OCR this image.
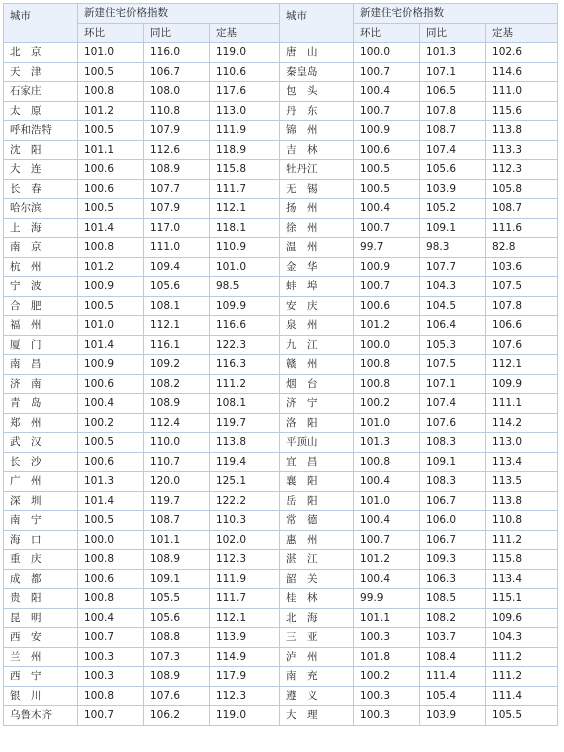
城市	新建住宅价格指数			城市	新建住宅价格指数		
	环比	同比	定基		环比	同比	定基
北　京	101.0	116.0	119.0	唐　山	100.0	101.3	102.6
天　津	100.5	106.7	110.6	秦皇岛	100.7	107.1	114.6
石家庄	100.8	108.0	117.6	包　头	100.4	106.5	111.0
太　原	101.2	110.8	113.0	丹　东	100.7	107.8	115.6
呼和浩特	100.5	107.9	111.9	锦　州	100.9	108.7	113.8
沈　阳	101.1	112.6	118.9	吉　林	100.6	107.4	113.3
大　连	100.6	108.9	115.8	牡丹江	100.5	105.6	112.3
长　春	100.6	107.7	111.7	无　锡	100.5	103.9	105.8
哈尔滨	100.5	107.9	112.1	扬　州	100.4	105.2	108.7
上　海	101.4	117.0	118.1	徐　州	100.7	109.1	111.6
南　京	100.8	111.0	110.9	温　州	99.7	98.3	82.8
杭　州	101.2	109.4	101.0	金　华	100.9	107.7	103.6
宁　波	100.9	105.6	98.5	蚌　埠	100.7	104.3	107.5
合　肥	100.5	108.1	109.9	安　庆	100.6	104.5	107.8
福　州	101.0	112.1	116.6	泉　州	101.2	106.4	106.6
厦　门	101.4	116.1	122.3	九　江	100.0	105.3	107.6
南　昌	100.9	109.2	116.3	赣　州	100.8	107.5	112.1
济　南	100.6	108.2	111.2	烟　台	100.8	107.1	109.9
青　岛	100.4	108.9	108.1	济　宁	100.2	107.4	111.1
郑　州	100.2	112.4	119.7	洛　阳	101.0	107.6	114.2
武　汉	100.5	110.0	113.8	平顶山	101.3	108.3	113.0
长　沙	100.6	110.7	119.4	宜　昌	100.8	109.1	113.4
广　州	101.3	120.0	125.1	襄　阳	100.4	108.3	113.5
深　圳	101.4	119.7	122.2	岳　阳	101.0	106.7	113.8
南　宁	100.5	108.7	110.3	常　德	100.4	106.0	110.8
海　口	100.0	101.1	102.0	惠　州	100.7	106.7	111.2
重　庆	100.8	108.9	112.3	湛　江	101.2	109.3	115.8
成　都	100.6	109.1	111.9	韶　关	100.4	106.3	113.4
贵　阳	100.8	105.5	111.7	桂　林	99.9	108.5	115.1
昆　明	100.4	105.6	112.1	北　海	101.1	108.2	109.6
西　安	100.7	108.8	113.9	三　亚	100.3	103.7	104.3
兰　州	100.3	107.3	114.9	泸　州	101.8	108.4	111.2
西　宁	100.3	108.9	117.9	南　充	100.2	111.4	111.2
银　川	100.8	107.6	112.3	遵　义	100.3	105.4	111.4
乌鲁木齐	100.7	106.2	119.0	大　理	100.3	103.9	105.5
